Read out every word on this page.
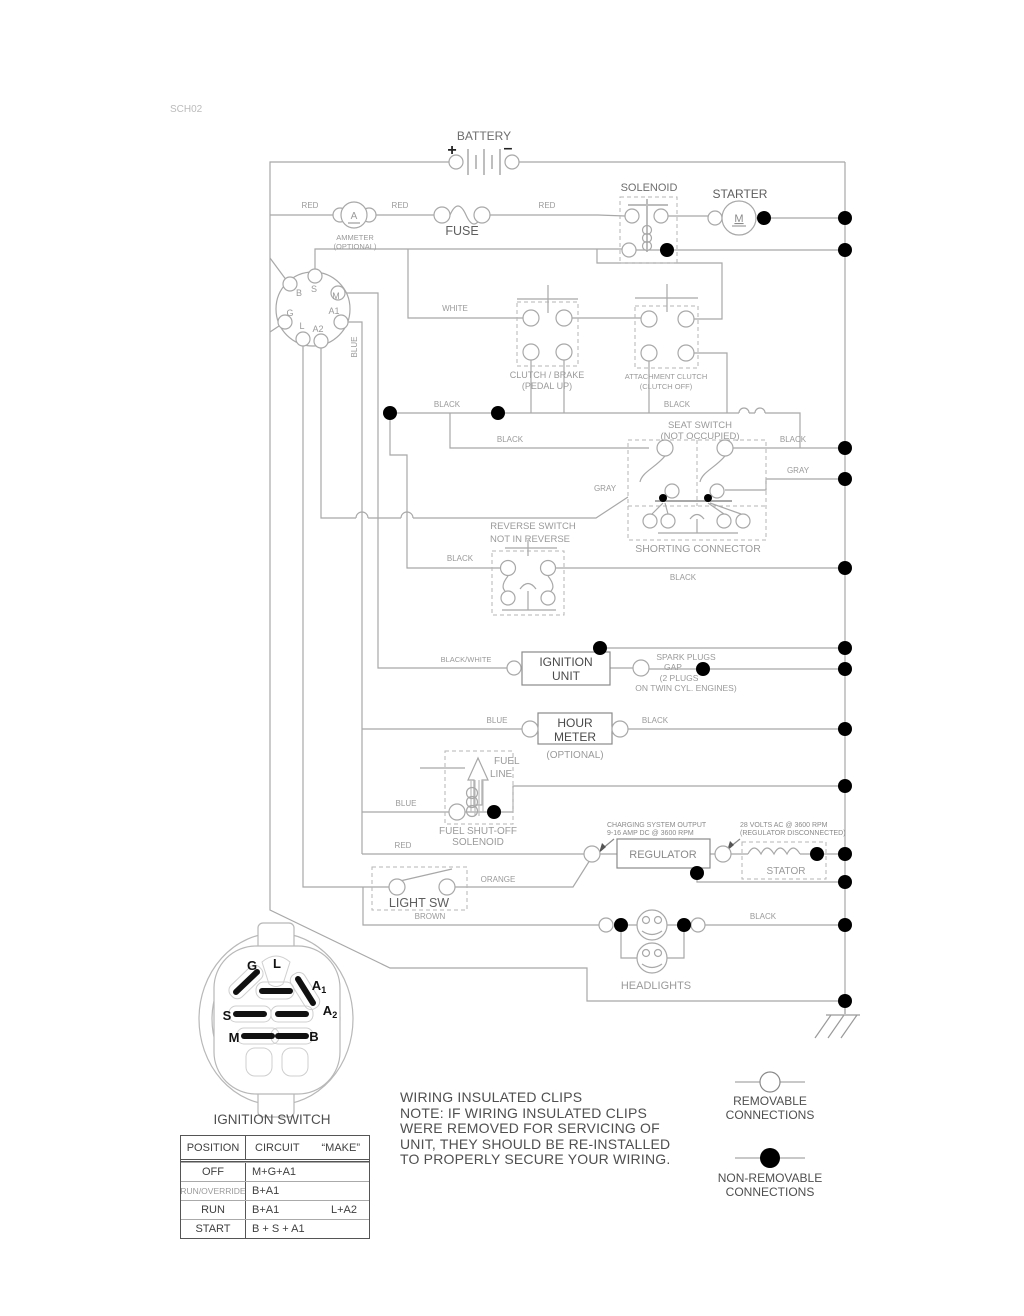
RED	RED	RED
RED
WHITE
BLUE
BLUE
BLUE
BLACK	BLACK
BLACK	BLACK
BLACK
BLACK
BLACK
BLACK
GRAY
GRAY
BLACK/WHITE
ORANGE
BROWN
SCH02
BATTERY
+	–
A
AMMETER
(OPTIONAL)
FUSE
SOLENOID	STARTER
M
CLUTCH / BRAKE
(PEDAL UP)
ATTACHMENT CLUTCH
(CLUTCH OFF)
SEAT SWITCH
(NOT OCCUPIED)
SHORTING CONNECTOR
REVERSE SWITCH
NOT IN REVERSE
IGNITION
UNIT
SPARK PLUGS
GAP
(2 PLUGS
ON TWIN CYL. ENGINES)
HOUR
METER
(OPTIONAL)
FUEL
LINE
FUEL SHUT-OFF
SOLENOID
CHARGING SYSTEM OUTPUT
9-16 AMP DC @ 3600 RPM
REGULATOR
28 VOLTS AC @ 3600 RPM
(REGULATOR DISCONNECTED)
STATOR
LIGHT SW
HEADLIGHTS
B S
M
G	A1
L A2
G L
$A_1$
$A_2$
S
M	B
IGNITION SWITCH
REMOVABLE
CONNECTIONS
NON-REMOVABLE
CONNECTIONS
POSITION	CIRCUIT “MAKE”
OFF	M+G+A1
RUN/OVERRIDE B+A1
RUN	B+A1	L+A2
START	B + S + A1
WIRING INSULATED CLIPS
NOTE: IF WIRING INSULATED CLIPS
WERE REMOVED FOR SERVICING OF
UNIT, THEY SHOULD BE RE-INSTALLED
TO PROPERLY SECURE YOUR WIRING.
